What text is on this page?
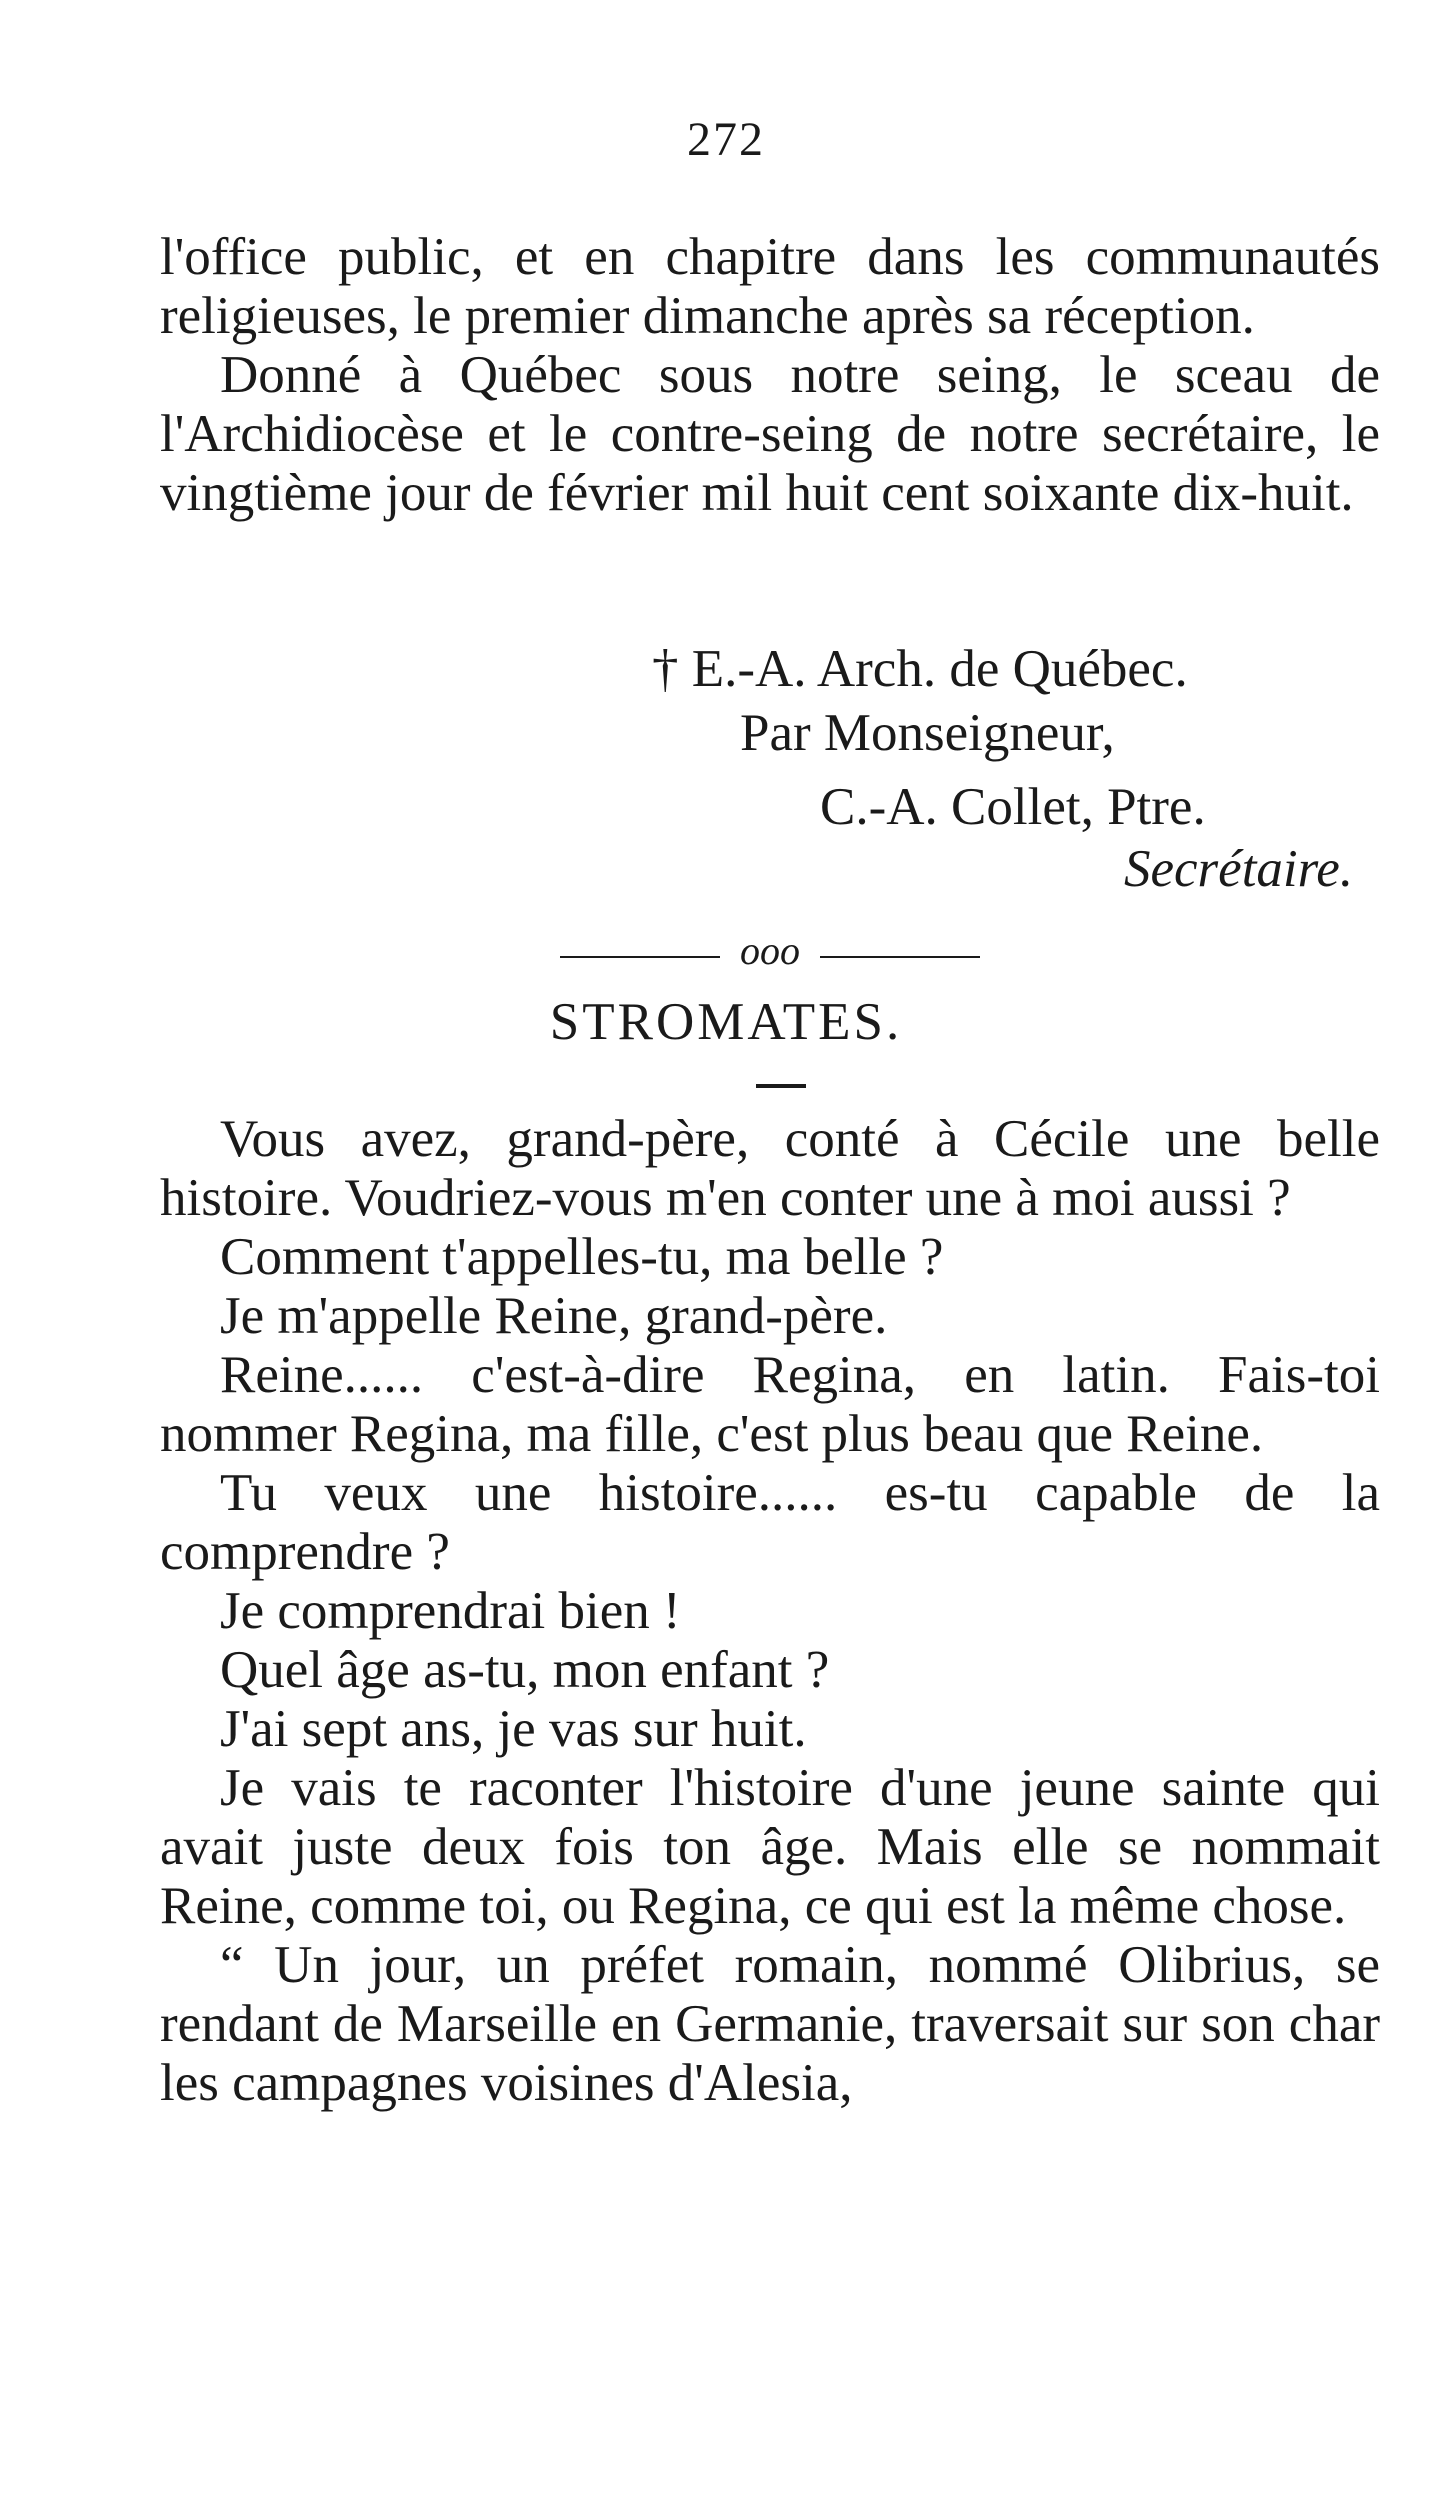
272

l'office public, et en chapitre dans les communautés religieuses, le premier dimanche après sa réception.

Donné à Québec sous notre seing, le sceau de l'Archidiocèse et le contre-seing de notre secrétaire, le vingtième jour de février mil huit cent soixante dix-huit.

† E.-A. Arch. de Québec.
Par Monseigneur,
C.-A. Collet, Ptre.
Secrétaire.
ooo
STROMATES.

Vous avez, grand-père, conté à Cécile une belle histoire. Voudriez-vous m'en conter une à moi aussi ?

Comment t'appelles-tu, ma belle ?

Je m'appelle Reine, grand-père.

Reine...... c'est-à-dire Regina, en latin. Fais-toi nommer Regina, ma fille, c'est plus beau que Reine.

Tu veux une histoire...... es-tu capable de la comprendre ?

Je comprendrai bien !

Quel âge as-tu, mon enfant ?

J'ai sept ans, je vas sur huit.

Je vais te raconter l'histoire d'une jeune sainte qui avait juste deux fois ton âge. Mais elle se nommait Reine, comme toi, ou Regina, ce qui est la même chose.

“ Un jour, un préfet romain, nommé Olibrius, se rendant de Marseille en Germanie, traversait sur son char les campagnes voisines d'Alesia,
